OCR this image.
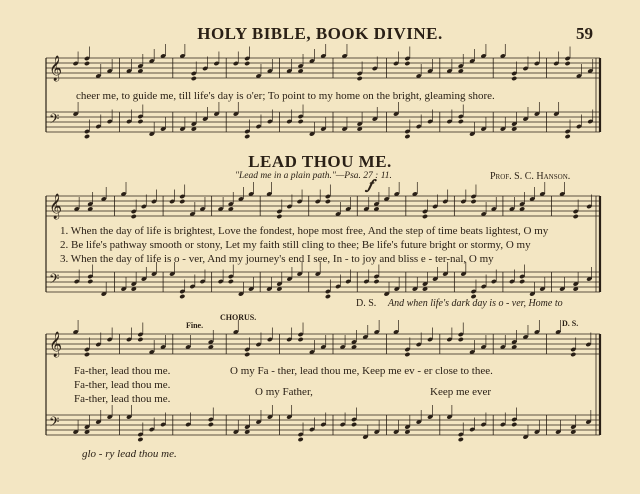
𝄞
𝄢
𝄞
𝄢
𝄞
𝄢
HOLY BIBLE, BOOK DIVINE.	59
cheer me, to guide me, till life's day is o'er; To point to my home on the bright, gleaming shore.
LEAD THOU ME.
"Lead me in a plain path."—Psa. 27 : 11.	Prof. S. C. Hanson.
𝆑
1. When the day of life is brightest, Love the fondest, hope most free, And the step of time beats lightest, O my
2. Be life's pathway smooth or stony, Let my faith still cling to thee; Be life's future bright or stormy, O my
3. When the day of life is o - ver, And my journey's end I see, In - to joy and bliss e - ter-nal, O my
D. S. And when life's dark day is o - ver, Home to
Fine.
CHORUS.
D. S.
Fa-ther, lead thou me.
Fa-ther, lead thou me.
Fa-ther, lead thou me.
O my Fa - ther, lead thou me, Keep me ev - er close to thee.
O my Father,	Keep me ever
glo - ry lead thou me.
